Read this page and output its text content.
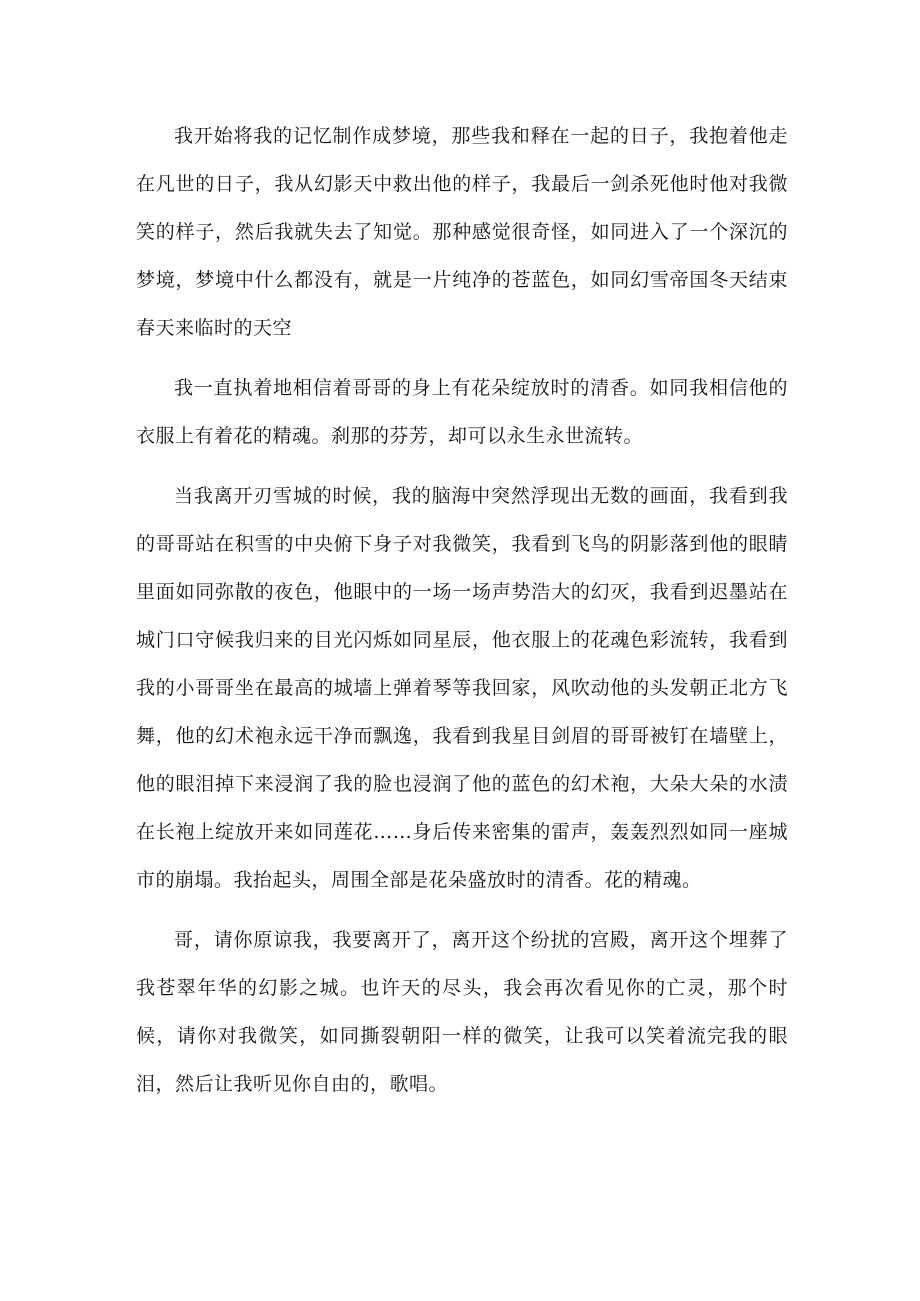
我开始将我的记忆制作成梦境，那些我和释在一起的日子，我抱着他走在凡世的日子，我从幻影天中救出他的样子，我最后一剑杀死他时他对我微笑的样子，然后我就失去了知觉。那种感觉很奇怪，如同进入了一个深沉的梦境，梦境中什么都没有，就是一片纯净的苍蓝色，如同幻雪帝国冬天结束春天来临时的天空

我一直执着地相信着哥哥的身上有花朵绽放时的清香。如同我相信他的衣服上有着花的精魂。刹那的芬芳，却可以永生永世流转。

当我离开刃雪城的时候，我的脑海中突然浮现出无数的画面，我看到我的哥哥站在积雪的中央俯下身子对我微笑，我看到飞鸟的阴影落到他的眼睛里面如同弥散的夜色，他眼中的一场一场声势浩大的幻灭，我看到迟墨站在城门口守候我归来的目光闪烁如同星辰，他衣服上的花魂色彩流转，我看到我的小哥哥坐在最高的城墙上弹着琴等我回家，风吹动他的头发朝正北方飞舞，他的幻术袍永远干净而飘逸，我看到我星目剑眉的哥哥被钉在墙壁上，他的眼泪掉下来浸润了我的脸也浸润了他的蓝色的幻术袍，大朵大朵的水渍在长袍上绽放开来如同莲花……身后传来密集的雷声，轰轰烈烈如同一座城市的崩塌。我抬起头，周围全部是花朵盛放时的清香。花的精魂。

哥，请你原谅我，我要离开了，离开这个纷扰的宫殿，离开这个埋葬了我苍翠年华的幻影之城。也许天的尽头，我会再次看见你的亡灵，那个时候，请你对我微笑，如同撕裂朝阳一样的微笑，让我可以笑着流完我的眼泪，然后让我听见你自由的，歌唱。
